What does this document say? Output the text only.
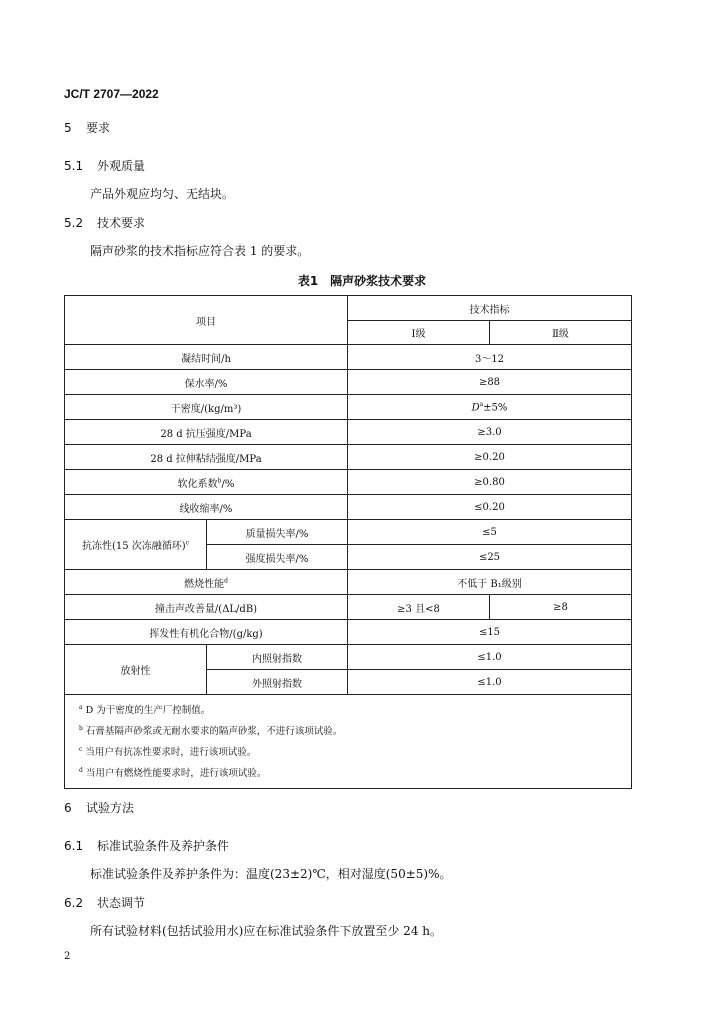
JC/T 2707—2022
5 要求
5.1 外观质量
产品外观应均匀、无结块。
5.2 技术要求
隔声砂浆的技术指标应符合表 1 的要求。
表1　隔声砂浆技术要求
项目		技术指标	
		Ⅰ级	Ⅱ级
凝结时间/h		3～12	
保水率/%		≥88	
干密度/(kg/m³)		$D^a\pm 5\%$	
28 d 抗压强度/MPa		≥3.0	
28 d 拉伸粘结强度/MPa		≥0.20	
软化系数$^b$/%		≥0.80	
线收缩率/%		≤0.20	
抗冻性(15 次冻融循环)$^c$	质量损失率/%	≤5	
	强度损失率/%	≤25	
燃烧性能$^d$		不低于 B₁级别	
撞击声改善量/(ΔL/dB)		≥3 且<8	≥8
挥发性有机化合物/(g/kg)		≤15	
放射性	内照射指数	≤1.0	
	外照射指数	≤1.0	

$^a$ D 为干密度的生产厂控制值。
$^b$ 石膏基隔声砂浆或无耐水要求的隔声砂浆，不进行该项试验。
$^c$ 当用户有抗冻性要求时，进行该项试验。
$^d$ 当用户有燃烧性能要求时，进行该项试验。			
6 试验方法
6.1 标准试验条件及养护条件
标准试验条件及养护条件为：温度(23±2)℃，相对湿度(50±5)%。
6.2 状态调节
所有试验材料(包括试验用水)应在标准试验条件下放置至少 24 h。
2
